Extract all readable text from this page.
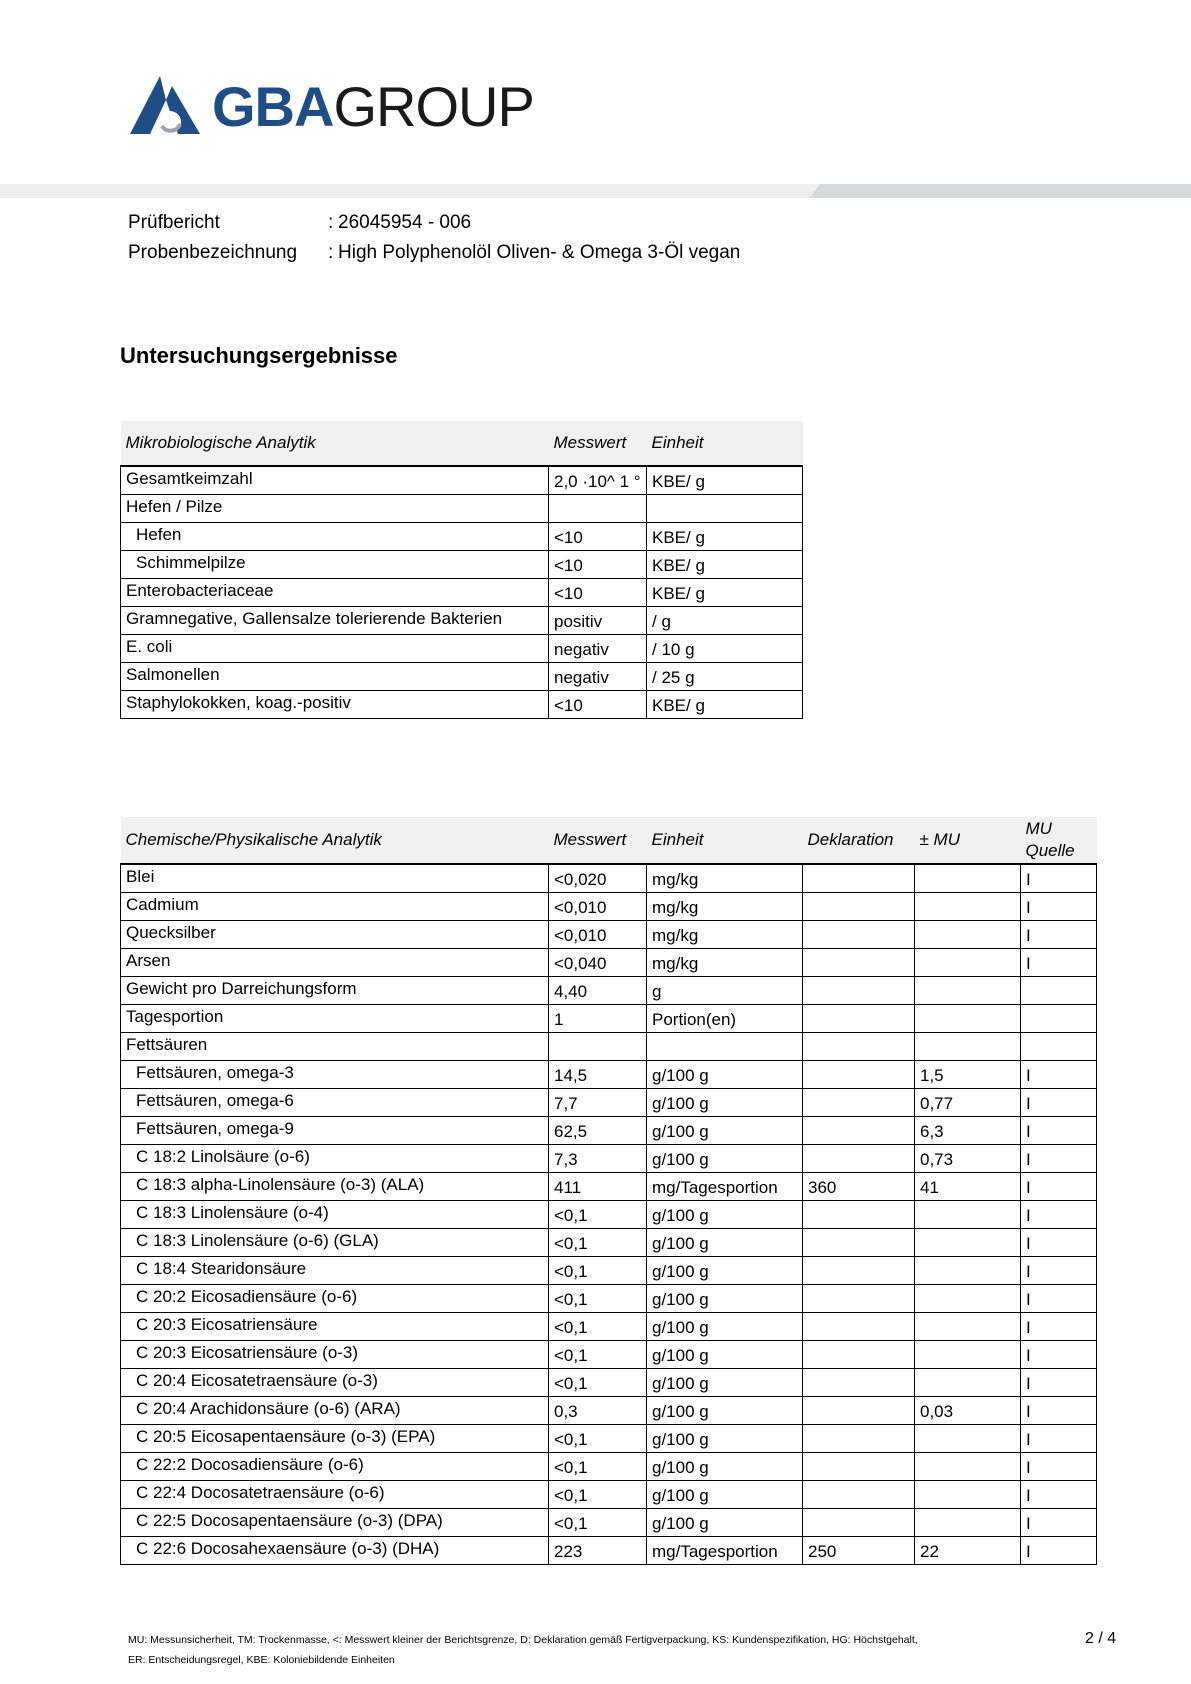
GBAGROUP
Prüfbericht	: 26045954 - 006
Probenbezeichnung	: High Polyphenolöl Oliven- & Omega 3-Öl vegan
Untersuchungsergebnisse
Mikrobiologische Analytik	Messwert	Einheit
Gesamtkeimzahl	2,0 ·10^ 1 °	KBE/ g
Hefen / Pilze		
Hefen	<10	KBE/ g
Schimmelpilze	<10	KBE/ g
Enterobacteriaceae	<10	KBE/ g
Gramnegative, Gallensalze tolerierende Bakterien	positiv	/ g
E. coli	negativ	/ 10 g
Salmonellen	negativ	/ 25 g
Staphylokokken, koag.-positiv	<10	KBE/ g
Chemische/Physikalische Analytik	Messwert	Einheit	Deklaration	± MU	MU
Quelle
Blei	<0,020	mg/kg			I
Cadmium	<0,010	mg/kg			I
Quecksilber	<0,010	mg/kg			I
Arsen	<0,040	mg/kg			I
Gewicht pro Darreichungsform	4,40	g			
Tagesportion	1	Portion(en)			
Fettsäuren					
Fettsäuren, omega-3	14,5	g/100 g		1,5	I
Fettsäuren, omega-6	7,7	g/100 g		0,77	I
Fettsäuren, omega-9	62,5	g/100 g		6,3	I
C 18:2 Linolsäure (o-6)	7,3	g/100 g		0,73	I
C 18:3 alpha-Linolensäure (o-3) (ALA)	411	mg/Tagesportion	360	41	I
C 18:3 Linolensäure (o-4)	<0,1	g/100 g			I
C 18:3 Linolensäure (o-6) (GLA)	<0,1	g/100 g			I
C 18:4 Stearidonsäure	<0,1	g/100 g			I
C 20:2 Eicosadiensäure (o-6)	<0,1	g/100 g			I
C 20:3 Eicosatriensäure	<0,1	g/100 g			I
C 20:3 Eicosatriensäure (o-3)	<0,1	g/100 g			I
C 20:4 Eicosatetraensäure (o-3)	<0,1	g/100 g			I
C 20:4 Arachidonsäure (o-6) (ARA)	0,3	g/100 g		0,03	I
C 20:5 Eicosapentaensäure (o-3) (EPA)	<0,1	g/100 g			I
C 22:2 Docosadiensäure (o-6)	<0,1	g/100 g			I
C 22:4 Docosatetraensäure (o-6)	<0,1	g/100 g			I
C 22:5 Docosapentaensäure (o-3) (DPA)	<0,1	g/100 g			I
C 22:6 Docosahexaensäure (o-3) (DHA)	223	mg/Tagesportion	250	22	I
MU: Messunsicherheit, TM: Trockenmasse, <: Messwert kleiner der Berichtsgrenze, D: Deklaration gemäß Fertigverpackung, KS: Kundenspezifikation, HG: Höchstgehalt,
ER: Entscheidungsregel, KBE: Koloniebildende Einheiten
2 / 4
